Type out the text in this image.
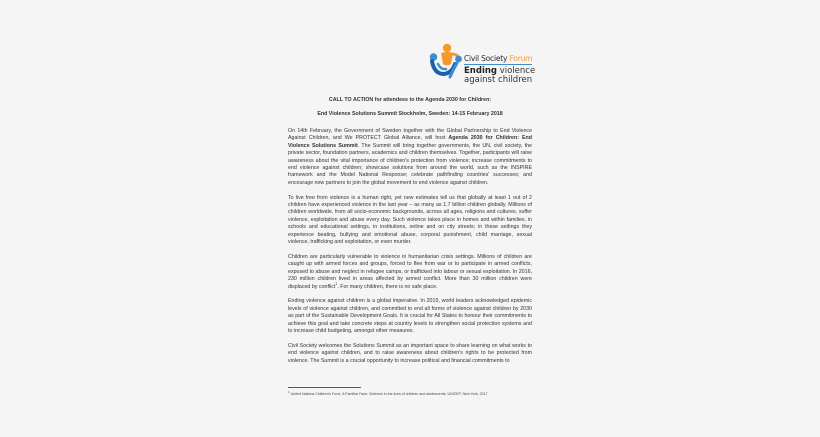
Civil Society Forum
Ending violence
against children
CALL TO ACTION for attendees to the Agenda 2030 for Children:
End Violence Solutions Summit Stockholm, Sweden: 14-15 February 2018

On 14th February, the Government of Sweden together with the Global Partnership to End Violence Against Children, and We PROTECT Global Alliance, will host Agenda 2030 for Children: End Violence Solutions Summit. The Summit will bring together governments, the UN, civil society, the private sector, foundation partners, academics and children themselves. Together, participants will raise awareness about the vital importance of children's protection from violence; increase commitments to end violence against children; showcase solutions from around the world, such as the INSPIRE framework and the Model National Response; celebrate pathfinding countries' successes; and encourage new partners to join the global movement to end violence against children.

To live free from violence is a human right, yet new estimates tell us that globally at least 1 out of 2 children have experienced violence in the last year – as many as 1.7 billion children globally. Millions of children worldwide, from all socio-economic backgrounds, across all ages, religions and cultures, suffer violence, exploitation and abuse every day. Such violence takes place in homes and within families, in schools and educational settings, in institutions, online and on city streets; in these settings they experience beating, bullying and emotional abuse, corporal punishment, child marriage, sexual violence, trafficking and exploitation, or even murder.

Children are particularly vulnerable to violence in humanitarian crisis settings. Millions of children are caught up with armed forces and groups, forced to flee from war or to participate in armed conflicts, exposed to abuse and neglect in refugee camps, or trafficked into labour or sexual exploitation. In 2016, 230 million children lived in areas affected by armed conflict. More than 30 million children were displaced by conflict$^1$. For many children, there is no safe place.

Ending violence against children is a global imperative. In 2015, world leaders acknowledged epidemic levels of violence against children, and committed to end all forms of violence against children by 2030 as part of the Sustainable Development Goals. It is crucial for All States to honour their commitments to achieve this goal and take concrete steps at country levels to strengthen social protection systems and to increase child budgeting, amongst other measures.

Civil Society welcomes the Solutions Summit as an important space to share learning on what works to end violence against children, and to raise awareness about children's rights to be protected from violence. The Summit is a crucial opportunity to increase political and financial commitments to

$^1$ United Nations Children's Fund, A Familiar Face: Violence in the lives of children and adolescents, UNICEF, New York, 2017.
